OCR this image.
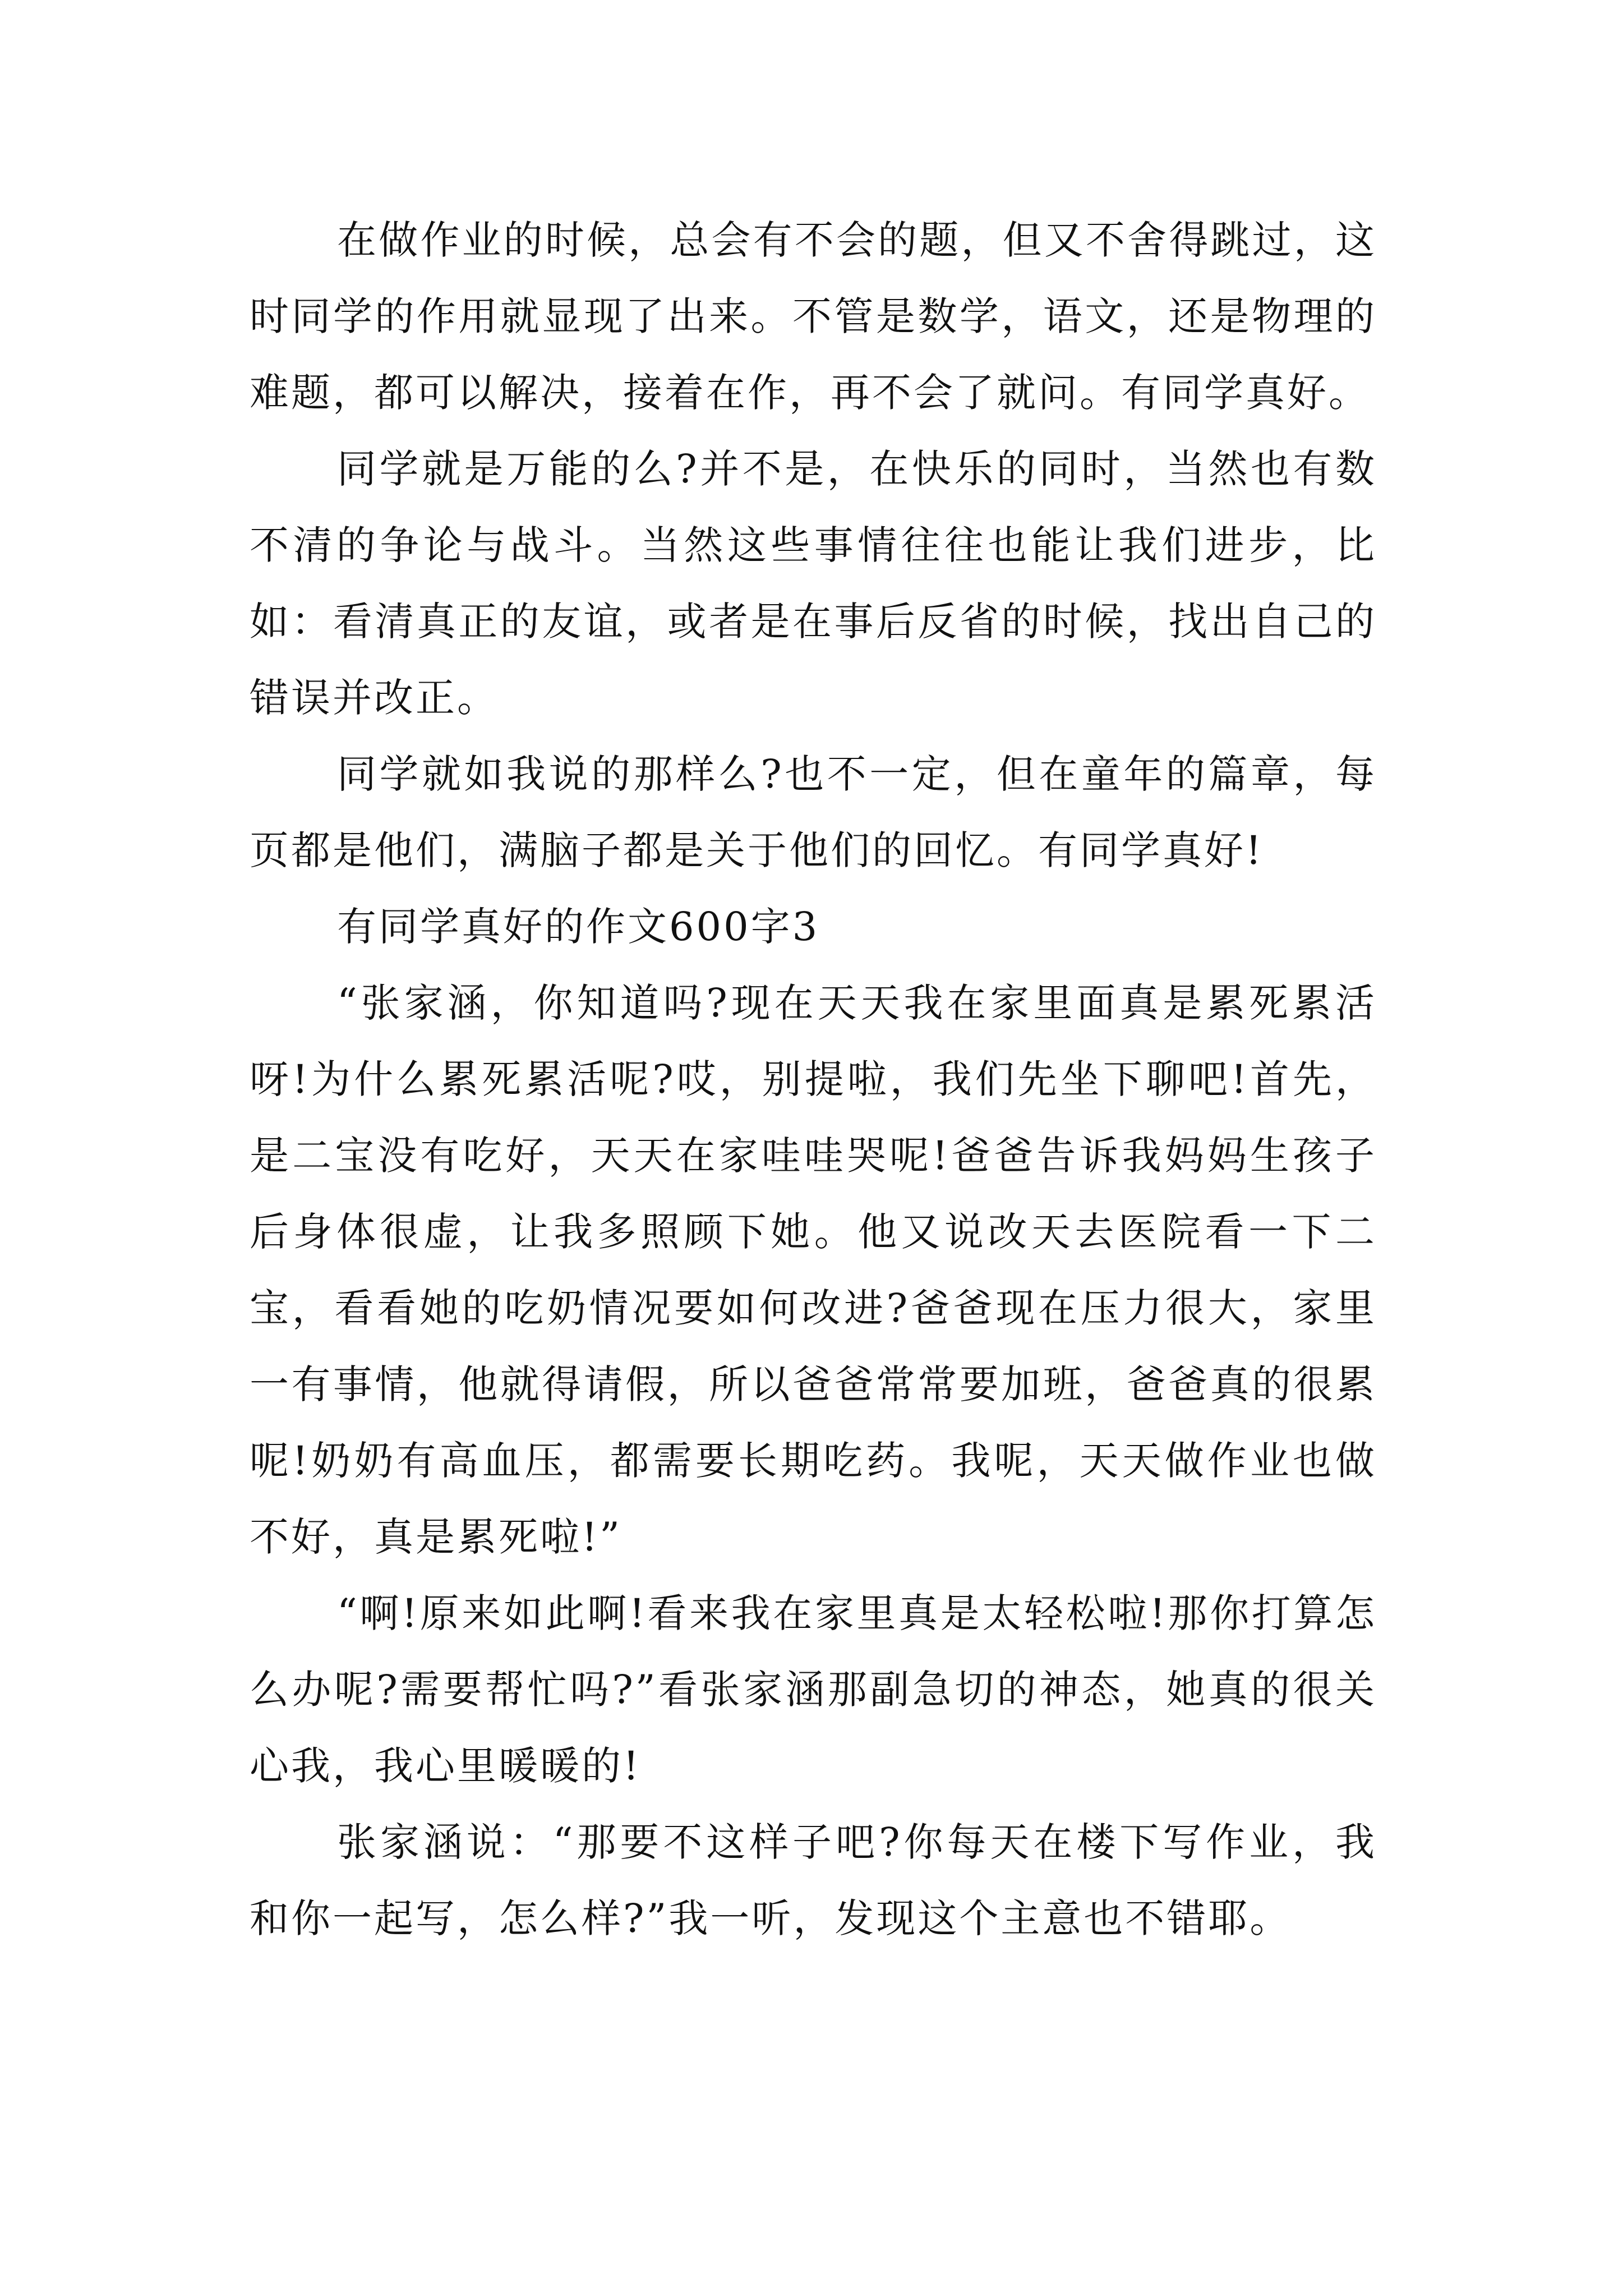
在做作业的时候，总会有不会的题，但又不舍得跳过，这时同学的作用就显现了出来。不管是数学，语文，还是物理的难题，都可以解决，接着在作，再不会了就问。有同学真好。

同学就是万能的么?并不是，在快乐的同时，当然也有数不清的争论与战斗。当然这些事情往往也能让我们进步，比如：看清真正的友谊，或者是在事后反省的时候，找出自己的错误并改正。

同学就如我说的那样么?也不一定，但在童年的篇章，每页都是他们，满脑子都是关于他们的回忆。有同学真好!

有同学真好的作文600字3

“张家涵，你知道吗?现在天天我在家里面真是累死累活呀!为什么累死累活呢?哎，别提啦，我们先坐下聊吧!首先，是二宝没有吃好，天天在家哇哇哭呢!爸爸告诉我妈妈生孩子后身体很虚，让我多照顾下她。他又说改天去医院看一下二宝，看看她的吃奶情况要如何改进?爸爸现在压力很大，家里一有事情，他就得请假，所以爸爸常常要加班，爸爸真的很累呢!奶奶有高血压，都需要长期吃药。我呢，天天做作业也做不好，真是累死啦!”

“啊!原来如此啊!看来我在家里真是太轻松啦!那你打算怎么办呢?需要帮忙吗?”看张家涵那副急切的神态，她真的很关心我，我心里暖暖的!

张家涵说：“那要不这样子吧?你每天在楼下写作业，我和你一起写，怎么样?”我一听，发现这个主意也不错耶。
